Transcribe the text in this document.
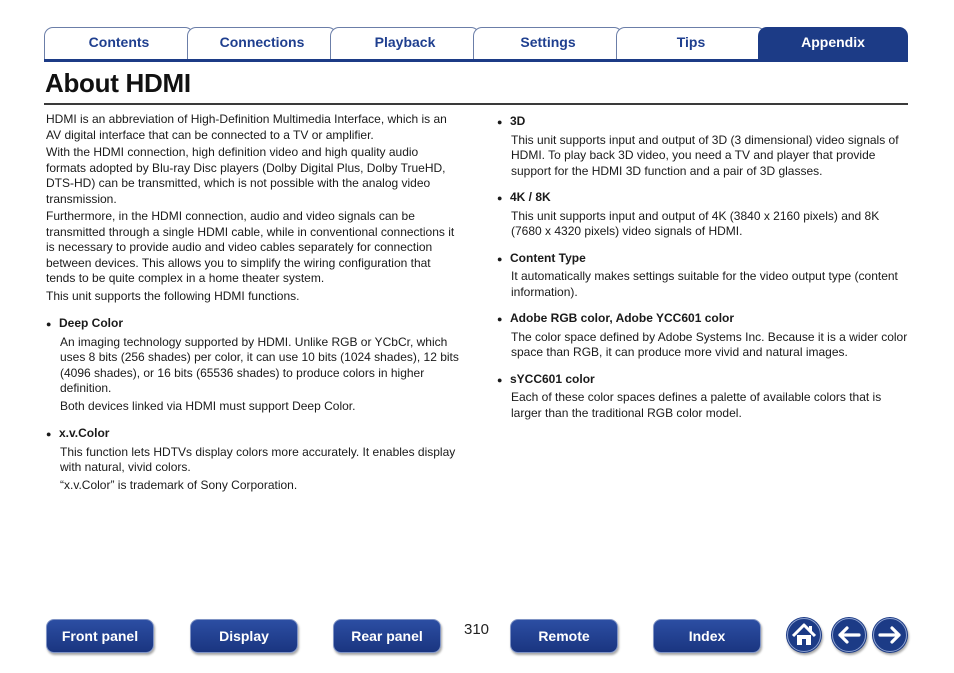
Contents	Connections	Playback	Settings	Tips	Appendix
About HDMI

HDMI is an abbreviation of High-Definition Multimedia Interface, which is an AV digital interface that can be connected to a TV or amplifier.

With the HDMI connection, high definition video and high quality audio formats adopted by Blu-ray Disc players (Dolby Digital Plus, Dolby TrueHD, DTS-HD) can be transmitted, which is not possible with the analog video transmission.

Furthermore, in the HDMI connection, audio and video signals can be transmitted through a single HDMI cable, while in conventional connections it is necessary to provide audio and video cables separately for connection between devices. This allows you to simplify the wiring configuration that tends to be quite complex in a home theater system.

This unit supports the following HDMI functions.

● Deep Color

An imaging technology supported by HDMI. Unlike RGB or YCbCr, which uses 8 bits (256 shades) per color, it can use 10 bits (1024 shades), 12 bits (4096 shades), or 16 bits (65536 shades) to produce colors in higher definition.

Both devices linked via HDMI must support Deep Color.

● x.v.Color

This function lets HDTVs display colors more accurately. It enables display with natural, vivid colors.

“x.v.Color” is trademark of Sony Corporation.

● 3D

This unit supports input and output of 3D (3 dimensional) video signals of HDMI. To play back 3D video, you need a TV and player that provide support for the HDMI 3D function and a pair of 3D glasses.

● 4K / 8K

This unit supports input and output of 4K (3840 x 2160 pixels) and 8K (7680 x 4320 pixels) video signals of HDMI.

● Content Type

It automatically makes settings suitable for the video output type (content information).

● Adobe RGB color, Adobe YCC601 color

The color space defined by Adobe Systems Inc. Because it is a wider color space than RGB, it can produce more vivid and natural images.

● sYCC601 color

Each of these color spaces defines a palette of available colors that is larger than the traditional RGB color model.

Front panel	Display	Rear panel	310	Remote	Index
